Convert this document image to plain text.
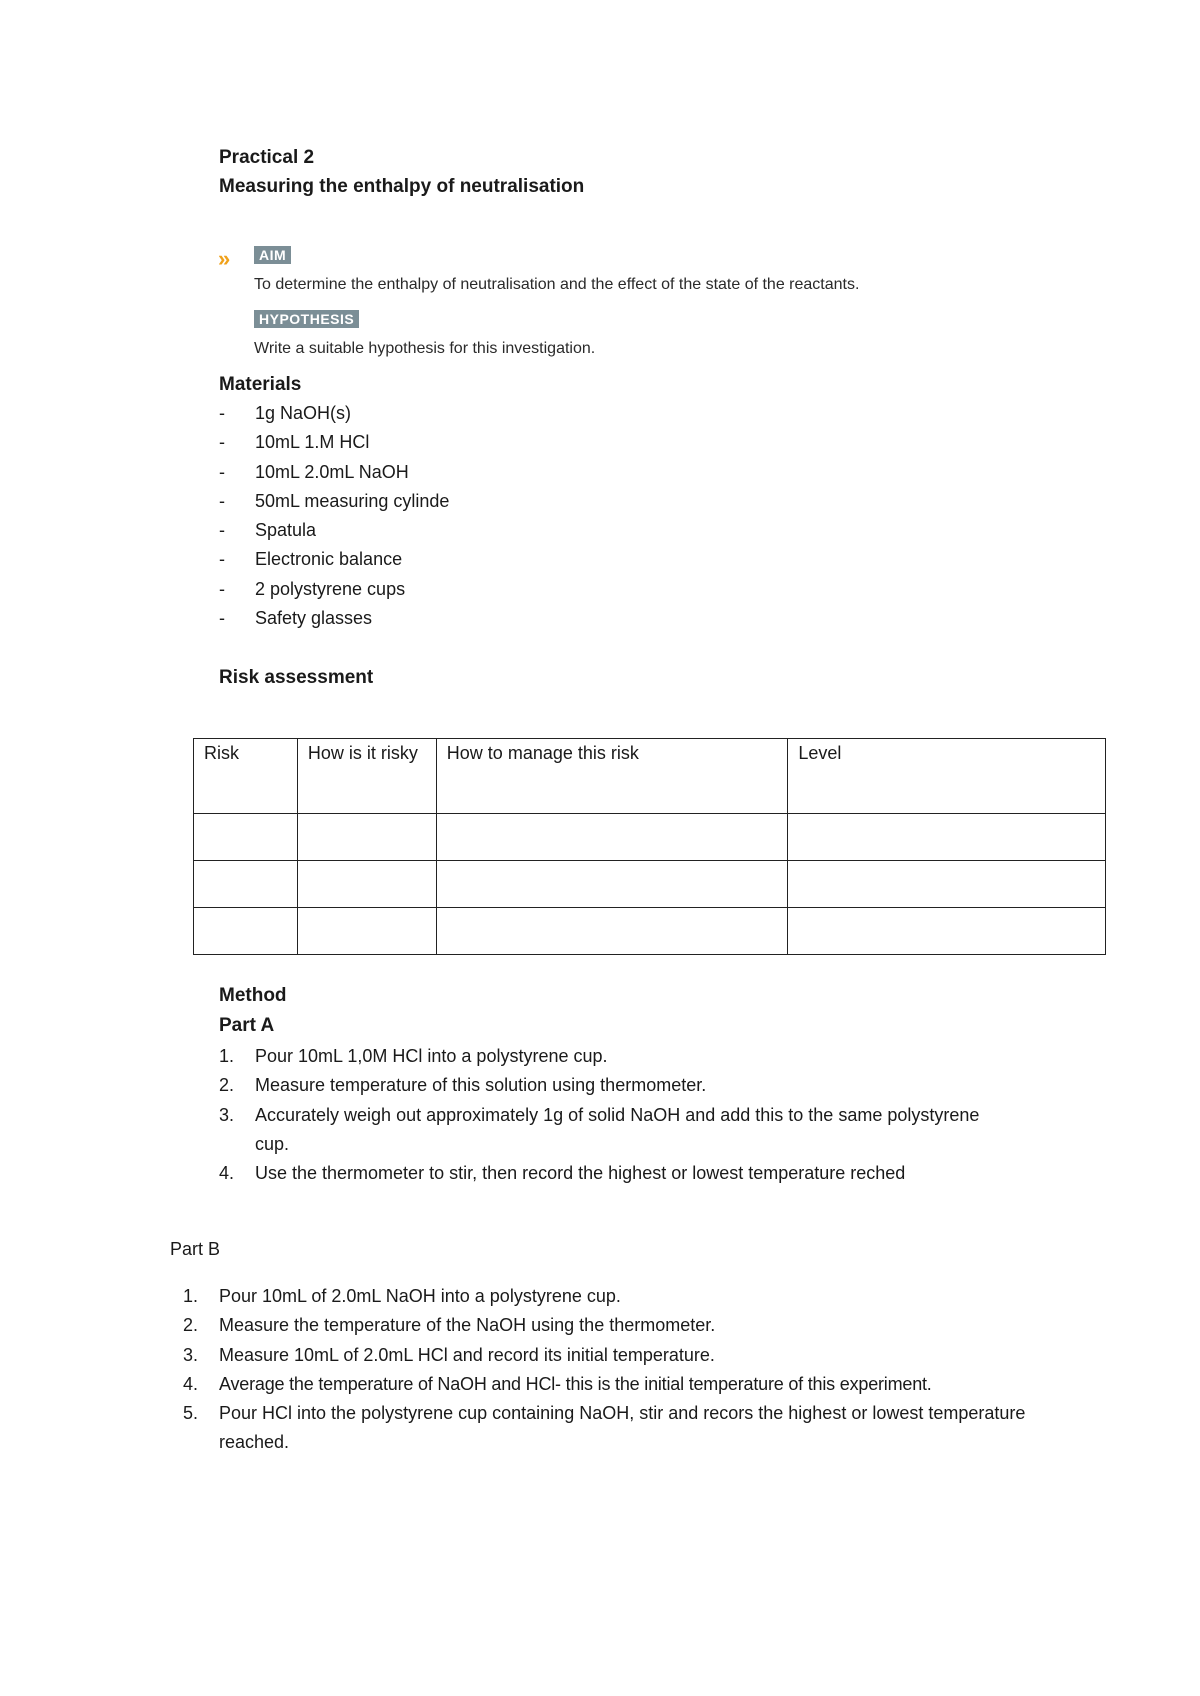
Practical 2
Measuring the enthalpy of neutralisation
»	AIM
To determine the enthalpy of neutralisation and the effect of the state of the reactants.
HYPOTHESIS
Write a suitable hypothesis for this investigation.
Materials
- 1g NaOH(s)
- 10mL 1.M HCl
- 10mL 2.0mL NaOH
- 50mL measuring cylinde
- Spatula
- Electronic balance
- 2 polystyrene cups
- Safety glasses
Risk assessment
Risk	How is it risky	How to manage this risk	Level

Method
Part A
1. Pour 10mL 1,0M HCl into a polystyrene cup.
2. Measure temperature of this solution using thermometer.
3. Accurately weigh out approximately 1g of solid NaOH and add this to the same polystyrene cup.
4. Use the thermometer to stir, then record the highest or lowest temperature reched
Part B
1. Pour 10mL of 2.0mL NaOH into a polystyrene cup.
2. Measure the temperature of the NaOH using the thermometer.
3. Measure 10mL of 2.0mL HCl and record its initial temperature.
4. Average the temperature of NaOH and HCl- this is the initial temperature of this experiment.
5. Pour HCl into the polystyrene cup containing NaOH, stir and recors the highest or lowest temperature reached.
